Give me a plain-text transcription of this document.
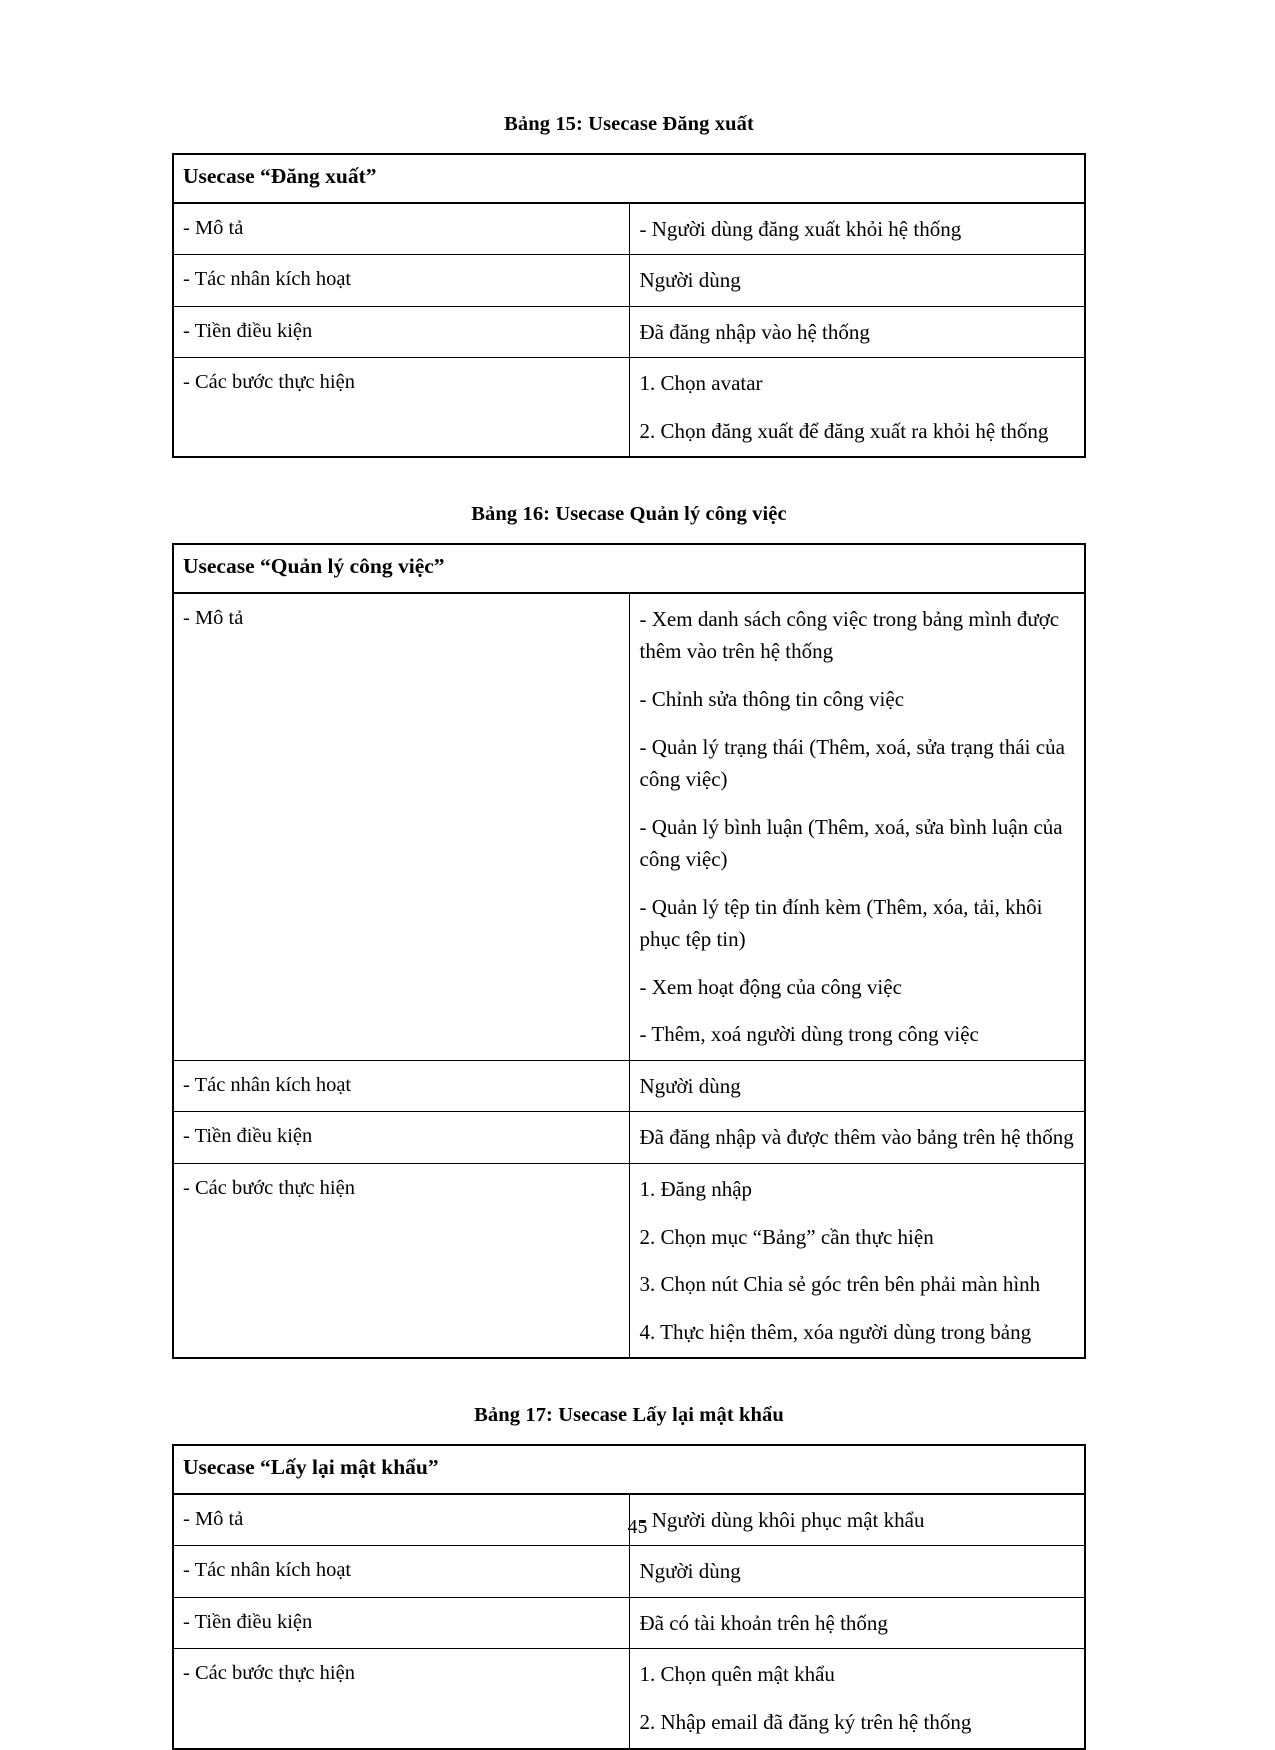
Bảng 15: Usecase Đăng xuất
Usecase “Đăng xuất”	
- Mô tả	- Người dùng đăng xuất khỏi hệ thống

- Tác nhân kích hoạt	Người dùng

- Tiền điều kiện	Đã đăng nhập vào hệ thống

- Các bước thực hiện	1. Chọn avatar

2. Chọn đăng xuất để đăng xuất ra khỏi hệ thống

Bảng 16: Usecase Quản lý công việc
Usecase “Quản lý công việc”	
- Mô tả	- Xem danh sách công việc trong bảng mình được thêm vào trên hệ thống

- Chỉnh sửa thông tin công việc

- Quản lý trạng thái (Thêm, xoá, sửa trạng thái của công việc)

- Quản lý bình luận (Thêm, xoá, sửa bình luận của công việc)

- Quản lý tệp tin đính kèm (Thêm, xóa, tải, khôi phục tệp tin)

- Xem hoạt động của công việc

- Thêm, xoá người dùng trong công việc

- Tác nhân kích hoạt	Người dùng

- Tiền điều kiện	Đã đăng nhập và được thêm vào bảng trên hệ thống

- Các bước thực hiện	1. Đăng nhập

2. Chọn mục “Bảng” cần thực hiện

3. Chọn nút Chia sẻ góc trên bên phải màn hình

4. Thực hiện thêm, xóa người dùng trong bảng

Bảng 17: Usecase Lấy lại mật khẩu
Usecase “Lấy lại mật khẩu”	
- Mô tả	- Người dùng khôi phục mật khẩu

- Tác nhân kích hoạt	Người dùng

- Tiền điều kiện	Đã có tài khoản trên hệ thống

- Các bước thực hiện	1. Chọn quên mật khẩu

2. Nhập email đã đăng ký trên hệ thống

45
